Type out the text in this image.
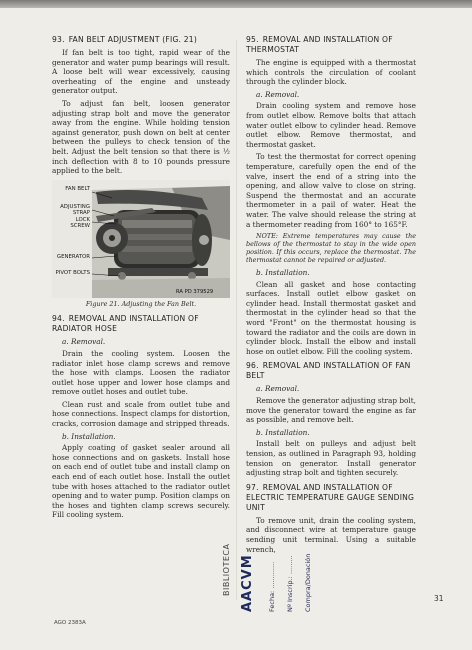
93. FAN BELT ADJUSTMENT (FIG. 21)

If fan belt is too tight, rapid wear of the generator and water pump bearings will result. A loose belt will wear excessively, causing overheating of the engine and unsteady generator output.

To adjust fan belt, loosen generator adjusting strap bolt and move the generator away from the engine. While holding tension against generator, push down on belt at center between the pulleys to check tension of the belt. Adjust the belt tension so that there is ½ inch deflection with 8 to 10 pounds pressure applied to the belt.

FAN BELT
ADJUSTING
STRAP
LOCK
SCREW
GENERATOR
PIVOT BOLTS
RA PD 379529
Figure 21. Adjusting the Fan Belt.
94. REMOVAL AND INSTALLATION OF RADIATOR HOSE
a. Removal.

Drain the cooling system. Loosen the radiator inlet hose clamp screws and remove the hose with clamps. Loosen the radiator outlet hose upper and lower hose clamps and remove outlet hoses and outlet tube.

Clean rust and scale from outlet tube and hose connections. Inspect clamps for distortion, cracks, corrosion damage and stripped threads.

b. Installation.

Apply coating of gasket sealer around all hose connections and on gaskets. Install hose on each end of outlet tube and install clamp on each end of each outlet hose. Install the outlet tube with hoses attached to the radiator outlet opening and to water pump. Position clamps on the hoses and tighten clamp screws securely. Fill cooling system.

95. REMOVAL AND INSTALLATION OF THERMOSTAT

The engine is equipped with a thermostat which controls the circulation of coolant through the cylinder block.

a. Removal.

Drain cooling system and remove hose from outlet elbow. Remove bolts that attach water outlet elbow to cylinder head. Remove outlet elbow. Remove thermostat, and thermostat gasket.

To test the thermostat for correct opening temperature, carefully open the end of the valve, insert the end of a string into the opening, and allow valve to close on string. Suspend the thermostat and an accurate thermometer in a pail of water. Heat the water. The valve should release the string at a thermometer reading from 160° to 165°F.

NOTE: Extreme temperatures may cause the bellows of the thermostat to stay in the wide open position. If this occurs, replace the thermostat. The thermostat cannot be repaired or adjusted.
b. Installation.

Clean all gasket and hose contacting surfaces. Install outlet elbow gasket on cylinder head. Install thermostat gasket and thermostat in the cylinder head so that the word "Front" on the thermostat housing is toward the radiator and the coils are down in cylinder block. Install the elbow and install hose on outlet elbow. Fill the cooling system.

96. REMOVAL AND INSTALLATION OF FAN BELT
a. Removal.

Remove the generator adjusting strap bolt, move the generator toward the engine as far as possible, and remove belt.

b. Installation.

Install belt on pulleys and adjust belt tension, as outlined in Paragraph 93, holding tension on generator. Install generator adjusting strap bolt and tighten securely.

97. REMOVAL AND INSTALLATION OF ELECTRIC TEMPERATURE GAUGE SENDING UNIT

To remove unit, drain the cooling system, and disconnect wire at temperature gauge sending unit terminal. Using a suitable wrench,

AGO 2383A
31
BIBLIOTECA AACVM Fecha: ............. Nº Inscrip.: ......... Compra/Donación
